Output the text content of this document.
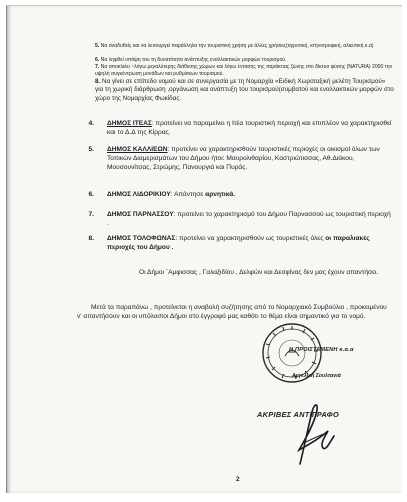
5. Να αναδυθείς και να λειτουργεί παράλληλα την τουριστική χρήση με άλλες χρήσεις(αγροτική, κτηνοτροφική, αλιευτική κ.α)
6. Να ληφθεί υπόψη του τη δυνατότητα ανάπτυξης εναλλακτικών μορφών τουρισμού.
7. Να αποκλείει ~λόγω μεγαλύτερης διάθεσης χώρων και λόγω έντασης της παράκτιας ζώνης στο δίκτυο φύσης (NATURA) 2000 την υψηλή συγκέντρωση μονάδων και ρυθμίσεων τουρισμού.
8. Να γίνει σε επίπεδο νομού και σε συνεργασία με τη Νομαρχία «Ειδική Χωροταξική μελέτη Τουρισμού» για τη χωρική διάρθρωση ,οργάνωση και ανάπτυξη του τουρισμού(συμβατού και εναλλακτικών μορφών στο χώρο της Νομαρχίας Φωκίδας.
4. ΔΗΜΟΣ ΙΤΕΑΣ: προτείνει να παραμείνει η Ιτέα τουριστική περιοχή και επιπλέον να χαρακτηρισθεί και το Δ.Δ της Κίρρας.
5. ΔΗΜΟΣ ΚΑΛΛΙΕΩΝ: προτείνει να χαρακτηρισθούν τουριστικές περιοχές οι οικισμοί όλων των Τοπικών Διαμερισμάτων του Δήμου ήτοι: Μαυρολιθαρίου, Καστριώτισσας, Αθ.Διάκου, Μουσουνίτσας, Στρώμης, Πανουργιά και Πυράς.
6. ΔΗΜΟΣ ΛΙΔΟΡΙΚΙΟΥ: Απάντησε αρνητικά.
7. ΔΗΜΟΣ ΠΑΡΝΑΣΣΟΥ: προτείνει το χαρακτηρισμό του Δήμου Παρνασσού ως τουριστική περιοχή .
8. ΔΗΜΟΣ ΤΟΛΟΦΩΝΑΣ: προτείνει να χαρακτηρισθούν ως τουριστικές όλες οι παραλιακές περιοχές του Δήμου .
Οι Δήμοι ¨Αμφισσας , Γαλαξιδίου , Δελφών και Δεσφίνας δεν μας έχουν απαντήσει.
Μετά τα παραπάνω , προτείνεται η αναβολή συζήτησης από το Νομαρχιακό Συμβούλιο , προκειμένου ν' απαντήσουν και οι υπόλοιποι Δήμοι στο έγγραφό μας καθότι το θέμα είναι σημαντικό για το νομό.
Η ΠΡΟΙΣΤΑΜΕΝΗ κ.α.α
Αγγελική Σουλτανιά
ΑΚΡΙΒΕΣ ΑΝΤΙΓΡΑΦΟ
2
